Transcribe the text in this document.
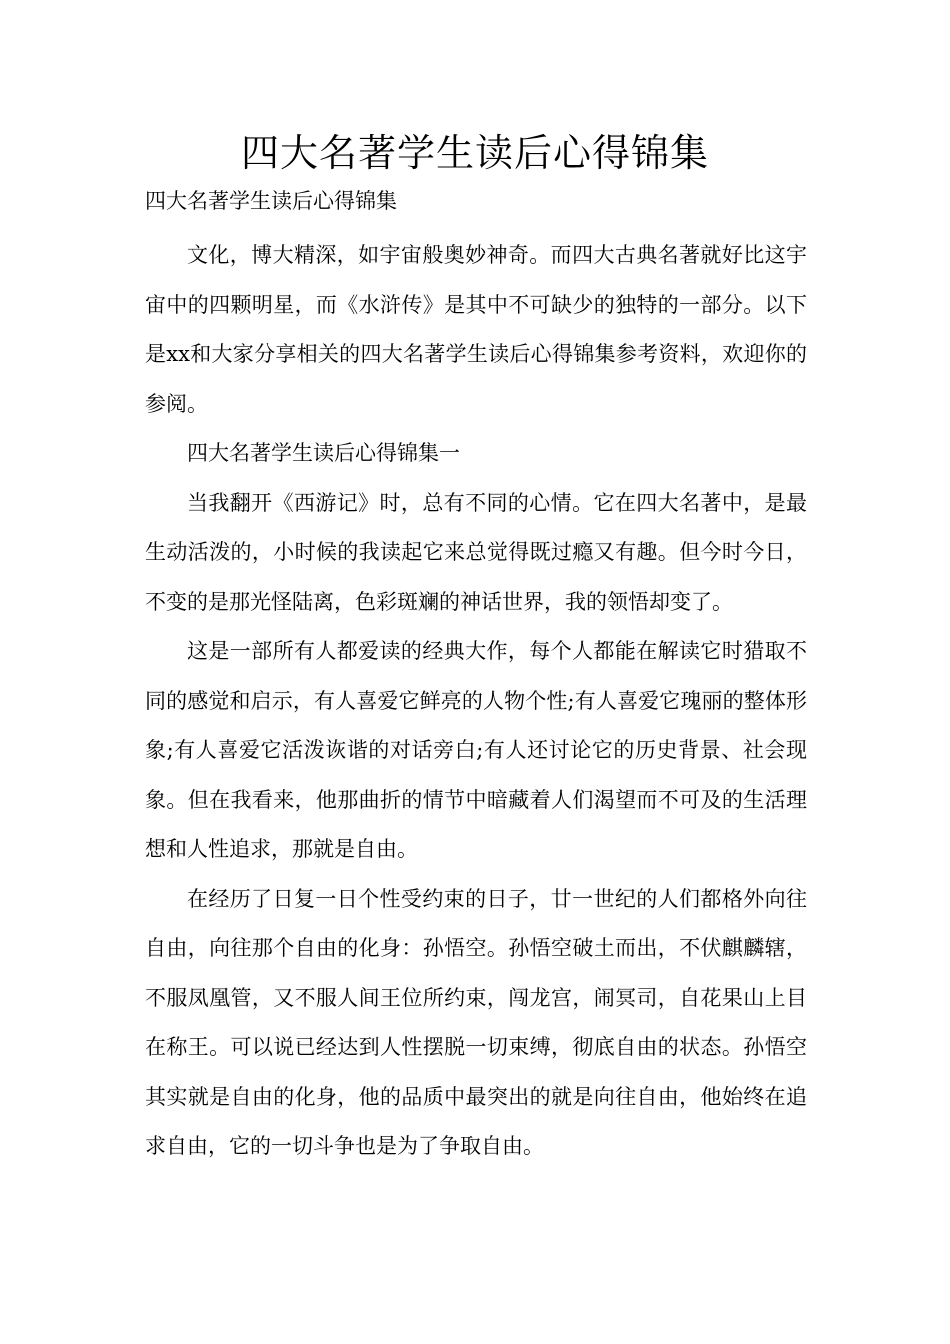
四大名著学生读后心得锦集
四大名著学生读后心得锦集

文化，博大精深，如宇宙般奥妙神奇。而四大古典名著就好比这宇宙中的四颗明星，而《水浒传》是其中不可缺少的独特的一部分。以下是xx和大家分享相关的四大名著学生读后心得锦集参考资料，欢迎你的参阅。

四大名著学生读后心得锦集一

当我翻开《西游记》时，总有不同的心情。它在四大名著中，是最生动活泼的，小时候的我读起它来总觉得既过瘾又有趣。但今时今日，不变的是那光怪陆离，色彩斑斓的神话世界，我的领悟却变了。

这是一部所有人都爱读的经典大作，每个人都能在解读它时猎取不同的感觉和启示，有人喜爱它鲜亮的人物个性;有人喜爱它瑰丽的整体形象;有人喜爱它活泼诙谐的对话旁白;有人还讨论它的历史背景、社会现象。但在我看来，他那曲折的情节中暗藏着人们渴望而不可及的生活理想和人性追求，那就是自由。

在经历了日复一日个性受约束的日子，廿一世纪的人们都格外向往自由，向往那个自由的化身：孙悟空。孙悟空破土而出，不伏麒麟辖，不服凤凰管，又不服人间王位所约束，闯龙宫，闹冥司，自花果山上目在称王。可以说已经达到人性摆脱一切束缚，彻底自由的状态。孙悟空其实就是自由的化身，他的品质中最突出的就是向往自由，他始终在追求自由，它的一切斗争也是为了争取自由。
